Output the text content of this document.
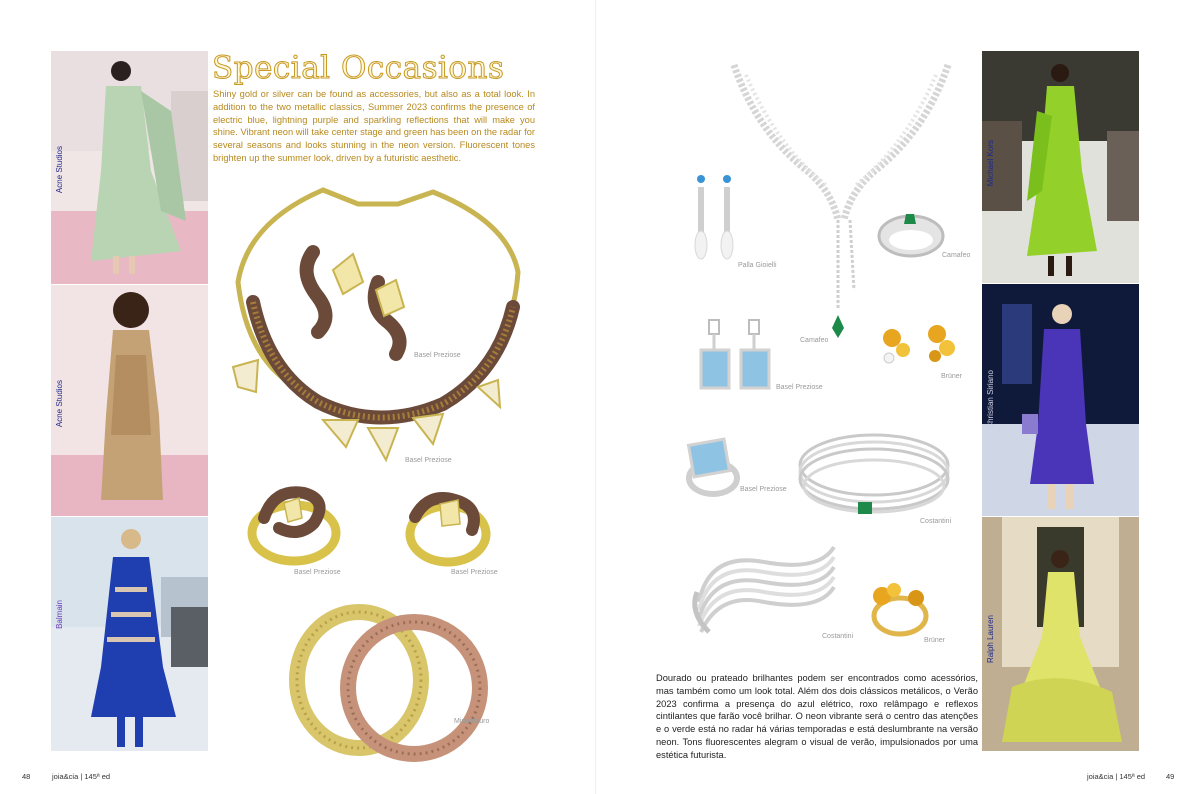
Acne Studios
Acne Studios
Balmain
Special Occasions
Shiny gold or silver can be found as accessories, but also as a total look. In addition to the two metallic classics, Summer 2023 confirms the presence of electric blue, lightning purple and sparkling reflections that will make you shine. Vibrant neon will take center stage and green has been on the radar for several seasons and looks stunning in the neon version. Fluorescent tones brighten up the summer look, driven by a futuristic aesthetic.
Basel Preziose
Basel Preziose
Basel Preziose	Basel Preziose
Mirandouro
48	joia&cia | 145ª ed
Palla Gioielli
Camafeo
Camafeo
Basel Preziose
Brüner
Basel Preziose
Costantini
Costantini
Brüner
Dourado ou prateado brilhantes podem ser encontrados como acessórios, mas também como um look total. Além dos dois clássicos metálicos, o Verão 2023 confirma a presença do azul elétrico, roxo relâmpago e reflexos cintilantes que farão você brilhar. O neon vibrante será o centro das atenções e o verde está no radar há várias temporadas e está deslumbrante na versão neon. Tons fluorescentes alegram o visual de verão, impulsionados por uma estética futurista.
Michael Kors
Christian Siriano
Ralph Lauren
joia&cia | 145ª ed	49
